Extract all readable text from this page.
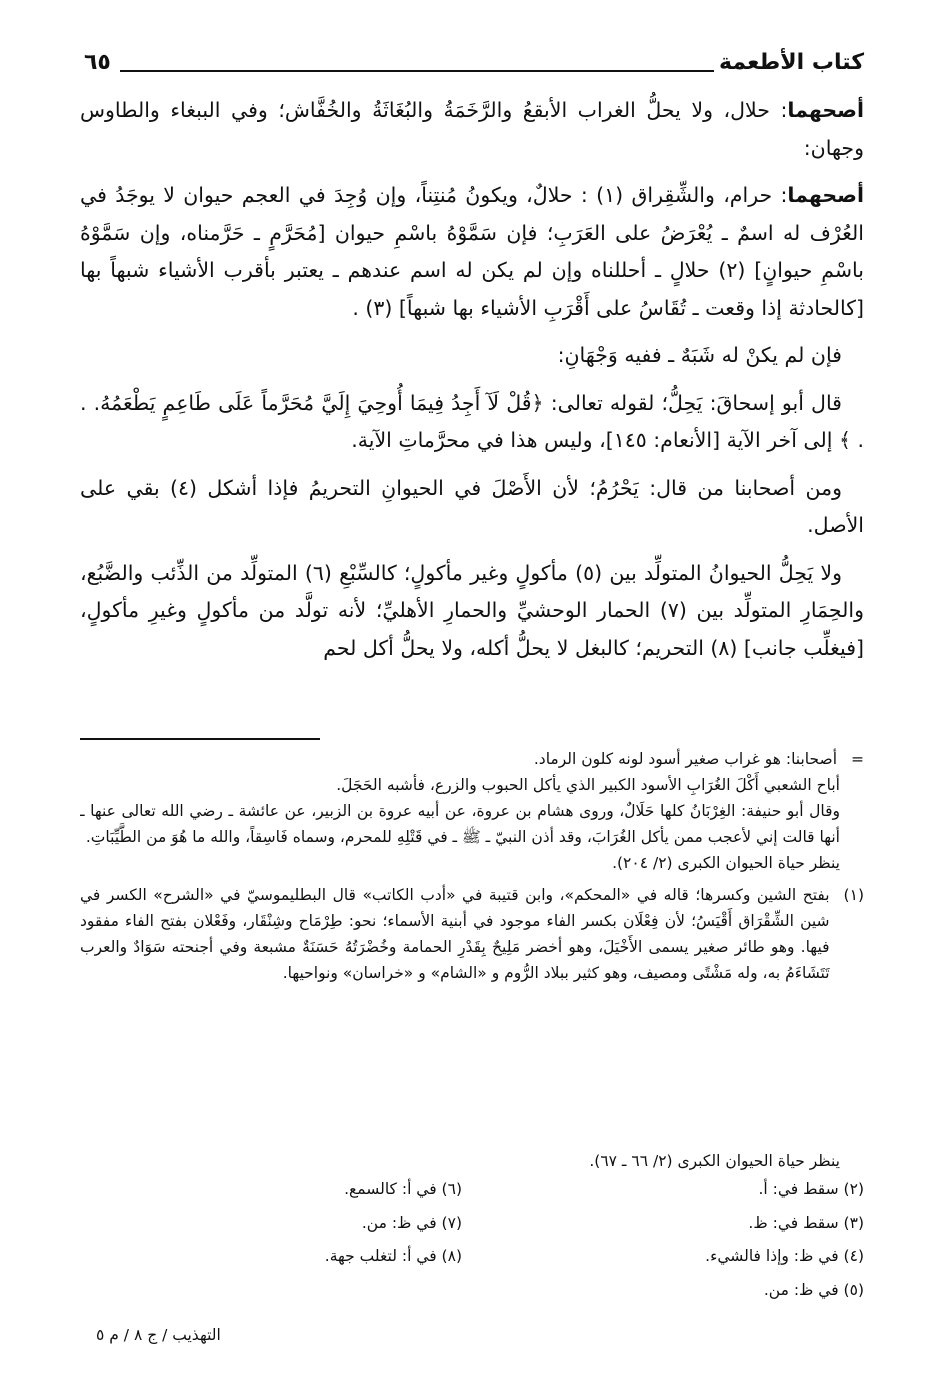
كتاب الأطعمة
٦٥

أصحهما: حلال، ولا يحلُّ الغراب الأبقعُ والرَّخَمَةُ والبُغَاثَةُ والخُفَّاش؛ وفي الببغاء والطاوس وجهان:

أصحهما: حرام، والشِّقِراق (١) : حلالٌ، ويكونُ مُنتِناً، وإن وُجِدَ في العجم حيوان لا يوجَدُ في العُرْف له اسمٌ ـ يُعْرَضُ على العَرَبِ؛ فإن سَمَّوْهُ باسْمِ حيوان [مُحَرَّمٍ ـ حَرَّمناه، وإن سَمَّوْهُ باسْمِ حيوانٍ] (٢) حلالٍ ـ أحللناه وإن لم يكن له اسم عندهم ـ يعتبر بأقرب الأشياء شبهاً بها [كالحادثة إذا وقعت ـ تُقَاسُ على أَقْرَبِ الأشياء بها شبهاً] (٣) .

فإن لم يكنْ له شَبَهٌ ـ ففيه وَجْهَانِ:

قال أبو إسحاقَ: يَحِلُّ؛ لقوله تعالى: ﴿قُلْ لَآ أَجِدُ فِيمَا أُوحِيَ إِلَيَّ مُحَرَّماً عَلَى طَاعِمٍ يَطْعَمُهُ. . . ﴾ إلى آخر الآية [الأنعام: ١٤٥]، وليس هذا في محرَّماتِ الآية.

ومن أصحابنا من قال: يَحْرُمُ؛ لأن الأَصْلَ في الحيوانِ التحريمُ فإذا أشكل (٤) بقي على الأصل.

ولا يَحِلُّ الحيوانُ المتولِّد بين (٥) مأكولٍ وغير مأكولٍ؛ كالسِّبْعِ (٦) المتولِّد من الذِّئب والضَّبُع، والحِمَارِ المتولِّد بين (٧) الحمار الوحشيِّ والحمارِ الأهليِّ؛ لأنه تولَّد من مأكولٍ وغيرِ مأكولٍ، [فيغلِّب جانب] (٨) التحريم؛ كالبغل لا يحلُّ أكله، ولا يحلُّ أكل لحم

=
أصحابنا: هو غراب صغير أسود لونه كلون الرماد.

أباح الشعبي أَكْلَ الغُرَابِ الأسود الكبير الذي يأكل الحبوب والزرع، فأشبه الحَجَلَ.

وقال أبو حنيفة: الغِرْبَانُ كلها حَلَالٌ، وروى هشام بن عروة، عن أبيه عروة بن الزبير، عن عائشة ـ رضي الله تعالى عنها ـ أنها قالت إني لأعجب ممن يأكل الغُرَابَ، وقد أذن النبيّ ـ ﷺ ـ في قَتْلِهِ للمحرم، وسماه فَاسِقاً، والله ما هُوَ من الطَّيِّبَاتِ.

ينظر حياة الحيوان الكبرى (٢/ ٢٠٤).

(١)
بفتح الشين وكسرها؛ قاله في «المحكم»، وابن قتيبة في «أدب الكاتب» قال البطليموسيّ في «الشرح» الكسر في شين الشِّقْرَاق أَقْيَسُ؛ لأن فِعْلَان بكسر الفاء موجود في أبنية الأسماء؛ نحو: طِرْمَاح وشِنْقَار، وفَعْلان بفتح الفاء مفقود فيها. وهو طائر صغير يسمى الأَخْيَلَ، وهو أخضر مَلِيحٌ بِقَدْرِ الحمامة وخُضْرَتُهُ حَسَنَةٌ مشبعة وفي أجنحته سَوَادٌ والعرب تَتَشَاءَمُ به، وله مَشْتًى ومصيف، وهو كثير ببلاد الرُّوم و «الشام» و «خراسان» ونواحيها.

ينظر حياة الحيوان الكبرى (٢/ ٦٦ ـ ٦٧).

(٢) سقط في: أ.
(٦) في أ: كالسمع.
(٣) سقط في: ظ.
(٧) في ظ: من.
(٤) في ظ: وإذا فالشيء.
(٨) في أ: لتغلب جهة.
(٥) في ظ: من.
التهذيب / ج ٨ / م ٥
